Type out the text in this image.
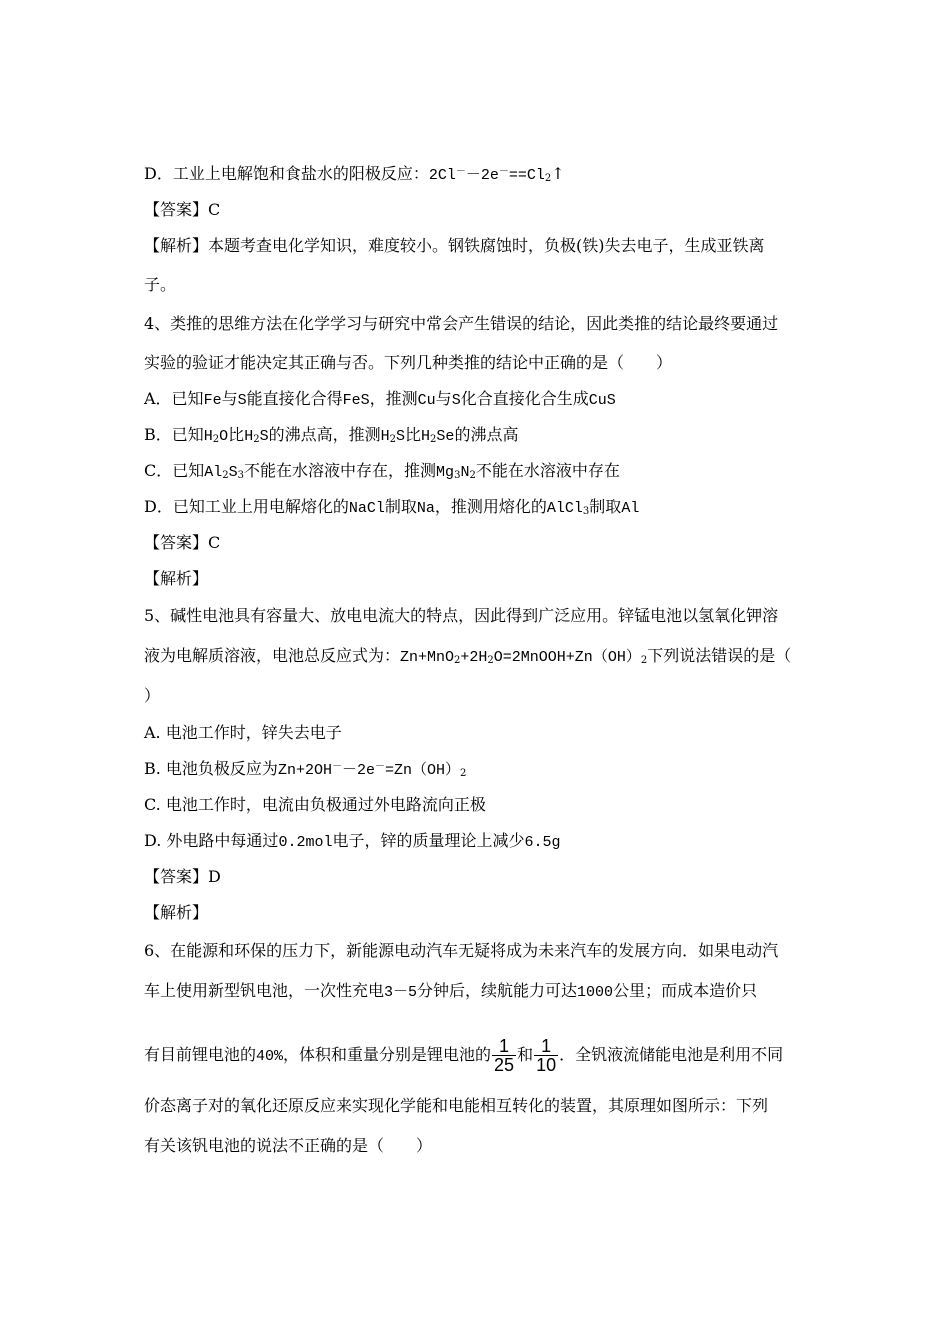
D．工业上电解饱和食盐水的阳极反应：$2Cl^--2e^-==Cl_2↑$
【答案】C
【解析】本题考查电化学知识，难度较小。钢铁腐蚀时，负极(铁)失去电子，生成亚铁离
子。
4、类推的思维方法在化学学习与研究中常会产生错误的结论，因此类推的结论最终要通过
实验的验证才能决定其正确与否。下列几种类推的结论中正确的是（　　）
A．已知Fe与S能直接化合得FeS，推测Cu与S化合直接化合生成CuS
B．已知$H_2O$比$H_2S$的沸点高，推测$H_2S$比$H_2Se$的沸点高
C．已知$Al_2S_3$不能在水溶液中存在，推测$Mg_3N_2$不能在水溶液中存在
D．已知工业上用电解熔化的NaCl制取Na，推测用熔化的AlCl$_3$制取Al
【答案】C
【解析】
5、碱性电池具有容量大、放电电流大的特点，因此得到广泛应用。锌锰电池以氢氧化钾溶
液为电解质溶液，电池总反应式为：$Zn+MnO_2+2H_2O=2MnOOH+Zn(OH)_2$下列说法错误的是（
）
A. 电池工作时，锌失去电子
B. 电池负极反应为$Zn+2OH^--2e^-=Zn(OH)_2$
C. 电池工作时，电流由负极通过外电路流向正极
D. 外电路中每通过0.2mol电子，锌的质量理论上减少6.5g
【答案】D
【解析】
6、在能源和环保的压力下，新能源电动汽车无疑将成为未来汽车的发展方向．如果电动汽
车上使用新型钒电池，一次性充电3－5分钟后，续航能力可达1000公里；而成本造价只
有目前锂电池的40%，体积和重量分别是锂电池的 $\frac{1}{25}$ 和 $\frac{1}{10}$ ．全钒液流储能电池是利用不同
价态离子对的氧化还原反应来实现化学能和电能相互转化的装置，其原理如图所示：下列
有关该钒电池的说法不正确的是（　　）
